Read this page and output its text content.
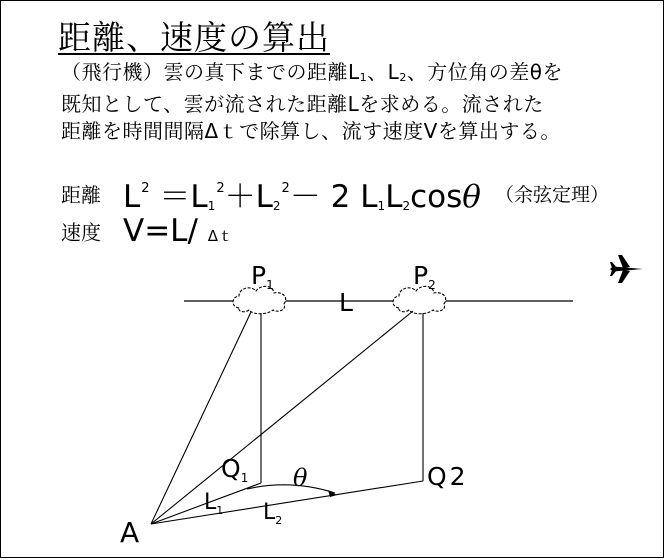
距離、速度の算出
（飛行機）雲の真下までの距離$L_1$、$L_2$、方位角の差θを
既知として、雲が流された距離Lを求める。流された
距離を時間間隔Δｔで除算し、流す速度Vを算出する。
距離 $L^2 =L_1^2+L_2^2- 2$ $L_1L_2\cos\theta$ （余弦定理）
速度 V=L/ Δｔ
$P_1$	$P_2$
L
$Q_1$ θ	Q2
A
$L_1$ $L_2$
